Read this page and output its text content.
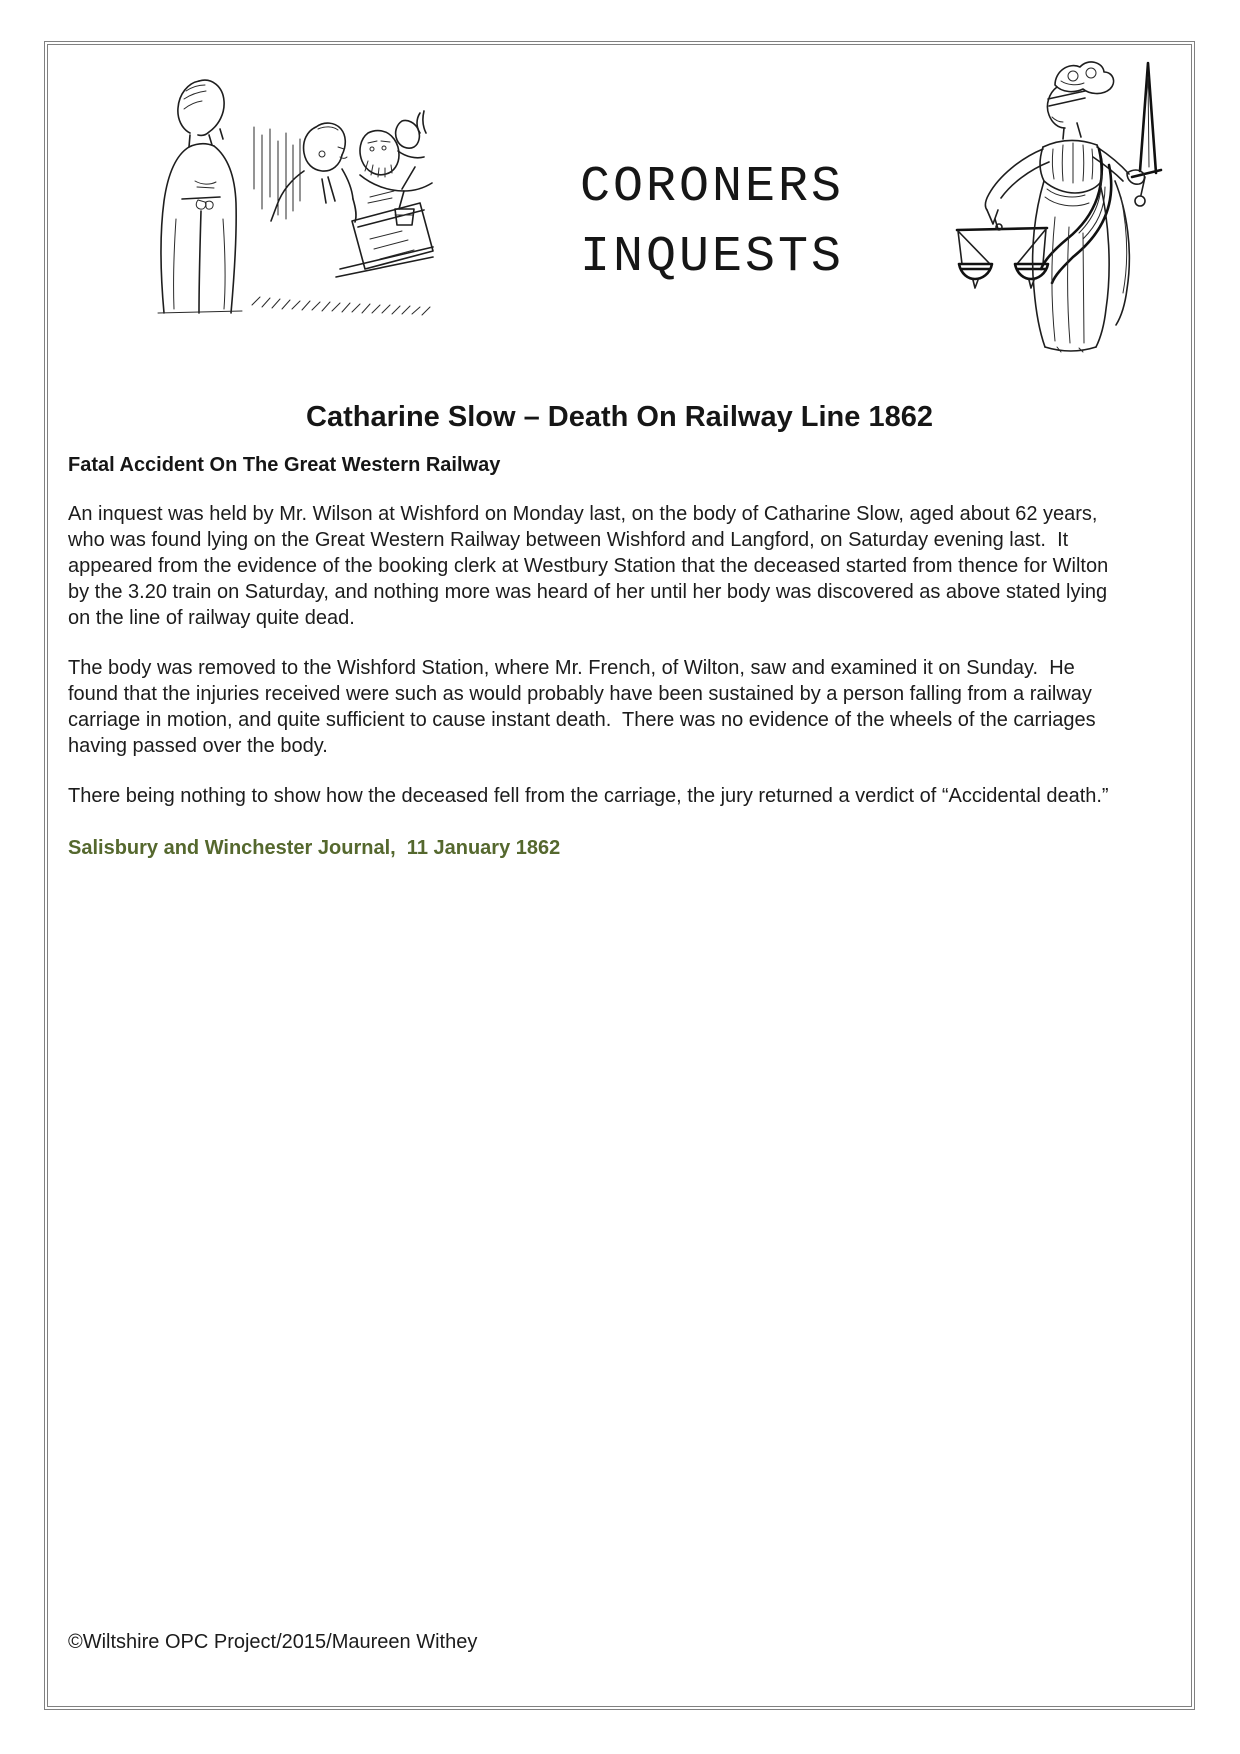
CORONERS
INQUESTS
Catharine Slow – Death On Railway Line 1862
Fatal Accident On The Great Western Railway

An inquest was held by Mr. Wilson at Wishford on Monday last, on the body of Catharine Slow, aged about 62 years, who was found lying on the Great Western Railway between Wishford and Langford, on Saturday evening last.  It appeared from the evidence of the booking clerk at Westbury Station that the deceased started from thence for Wilton by the 3.20 train on Saturday, and nothing more was heard of her until her body was discovered as above stated lying on the line of railway quite dead.

The body was removed to the Wishford Station, where Mr. French, of Wilton, saw and examined it on Sunday.  He found that the injuries received were such as would probably have been sustained by a person falling from a railway carriage in motion, and quite sufficient to cause instant death.  There was no evidence of the wheels of the carriages having passed over the body.

There being nothing to show how the deceased fell from the carriage, the jury returned a verdict of “Accidental death.”

Salisbury and Winchester Journal,  11 January 1862

©Wiltshire OPC Project/2015/Maureen Withey
